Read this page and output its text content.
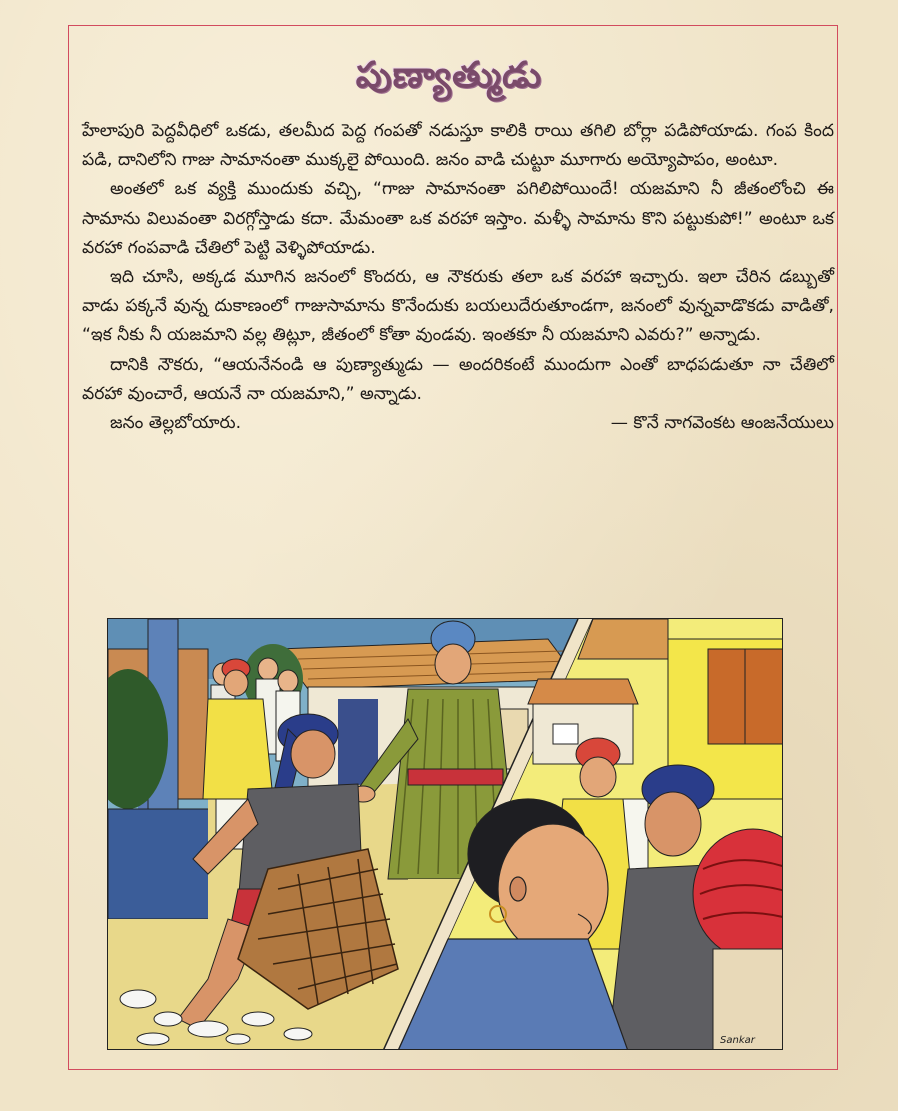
పుణ్యాత్ముడు

హేలాపురి పెద్దవీధిలో ఒకడు, తలమీద పెద్ద గంపతో నడుస్తూ కాలికి రాయి తగిలి బోర్లా పడిపోయాడు. గంప కింద పడి, దానిలోని గాజు సామానంతా ముక్కలై పోయింది. జనం వాడి చుట్టూ మూగారు అయ్యోపాపం, అంటూ.

అంతలో ఒక వ్యక్తి ముందుకు వచ్చి, “గాజు సామానంతా పగిలిపోయిందే! యజమాని నీ జీతంలోంచి ఈ సామాను విలువంతా విరగ్గోస్తాడు కదా. మేమంతా ఒక వరహా ఇస్తాం. మళ్ళీ సామాను కొని పట్టుకుపో!” అంటూ ఒక వరహా గంపవాడి చేతిలో పెట్టి వెళ్ళిపోయాడు.

ఇది చూసి, అక్కడ మూగిన జనంలో కొందరు, ఆ నౌకరుకు తలా ఒక వరహా ఇచ్చారు. ఇలా చేరిన డబ్బుతో వాడు పక్కనే వున్న దుకాణంలో గాజుసామాను కొనేందుకు బయలుదేరుతూండగా, జనంలో వున్నవాడొకడు వాడితో, “ఇక నీకు నీ యజమాని వల్ల తిట్లూ, జీతంలో కోతా వుండవు. ఇంతకూ నీ యజమాని ఎవరు?” అన్నాడు.

దానికి నౌకరు, “ఆయనేనండి ఆ పుణ్యాత్ముడు — అందరికంటే ముందుగా ఎంతో బాధపడుతూ నా చేతిలో వరహా వుంచారే, ఆయనే నా యజమాని,” అన్నాడు.

జనం తెల్లబోయారు.	— కొనే నాగవెంకట ఆంజనేయులు
Sankar
